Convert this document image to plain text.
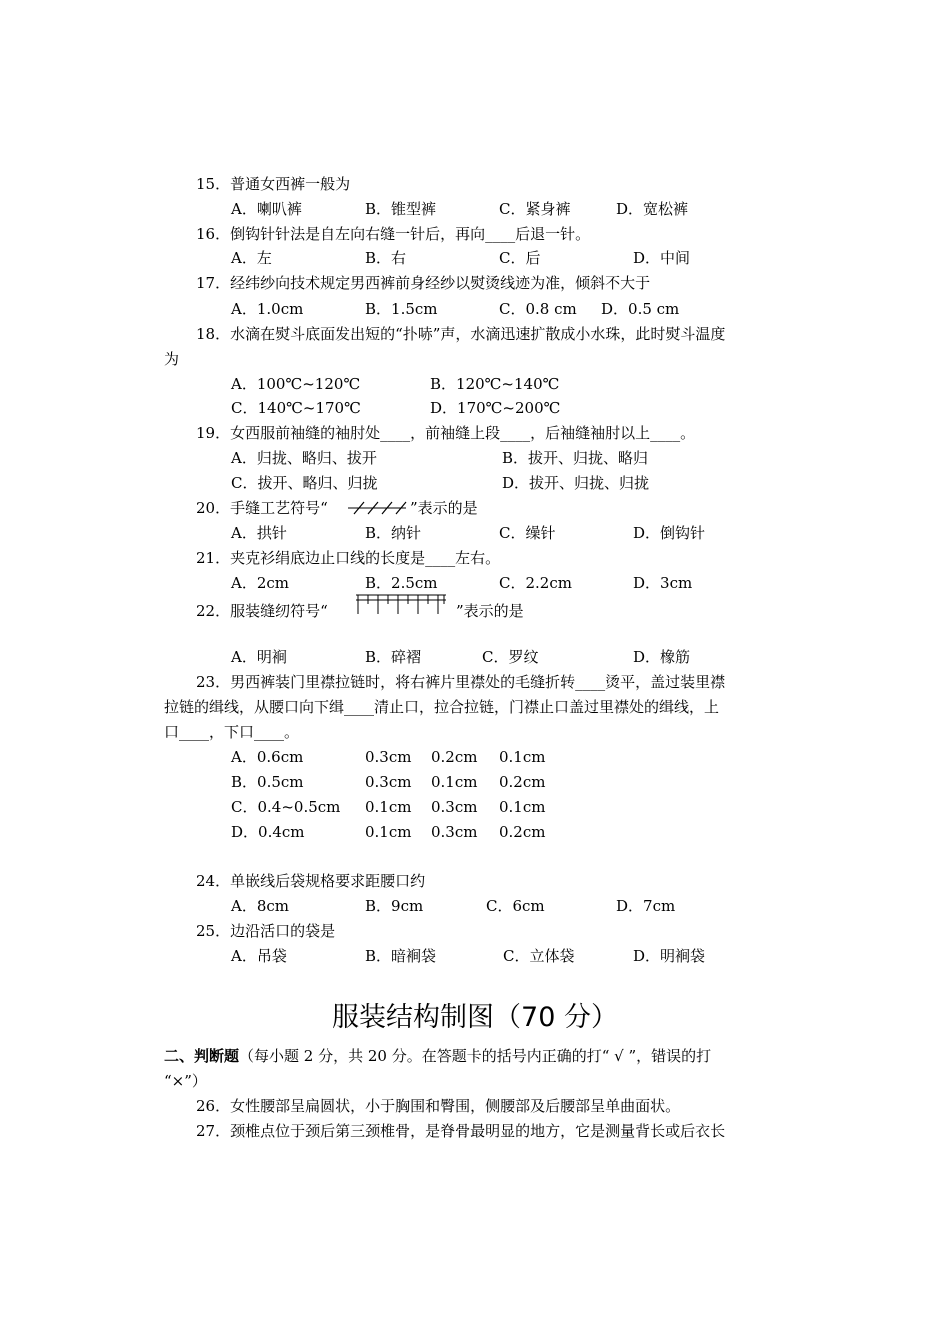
15．普通女西裤一般为
A．喇叭裤	B．锥型裤	C．紧身裤	D．宽松裤
16．倒钩针针法是自左向右缝一针后，再向____后退一针。
A．左	B．右	C．后	D．中间
17．经纬纱向技术规定男西裤前身经纱以熨烫线迹为准，倾斜不大于
A．1.0cm	B．1.5cm	C．0.8 cm D．0.5 cm
18．水滴在熨斗底面发出短的“扑哧”声，水滴迅速扩散成小水珠，此时熨斗温度
为
A．100℃~120℃	B．120℃~140℃
C．140℃~170℃	D．170℃~200℃
19．女西服前袖缝的袖肘处____，前袖缝上段____，后袖缝袖肘以上____。
A．归拢、略归、拔开	B．拔开、归拢、略归
C．拔开、略归、归拢	D．拔开、归拢、归拢
20．手缝工艺符号“	”表示的是
A．拱针	B．纳针	C．缲针	D．倒钩针
21．夹克衫绢底边止口线的长度是____左右。
A．2cm	B．2.5cm	C．2.2cm	D．3cm
22．服装缝纫符号“	”表示的是
A．明裥	B．碎褶	C．罗纹	D．橡筋
23．男西裤装门里襟拉链时，将右裤片里襟处的毛缝折转____烫平，盖过装里襟
拉链的缉线，从腰口向下缉____清止口，拉合拉链，门襟止口盖过里襟处的缉线，上
口____，下口____。
A．0.6cm	0.3cm 0.2cm 0.1cm
B．0.5cm	0.3cm 0.1cm 0.2cm
C．0.4~0.5cm 0.1cm 0.3cm 0.1cm
D．0.4cm	0.1cm 0.3cm 0.2cm
24．单嵌线后袋规格要求距腰口约
A．8cm	B．9cm	C．6cm	D．7cm
25．边沿活口的袋是
A．吊袋	B．暗裥袋	C．立体袋	D．明裥袋
服装结构制图（70 分）
二、判断题（每小题 2 分，共 20 分。在答题卡的括号内正确的打“ √ ”，错误的打
“×”）
26．女性腰部呈扁圆状，小于胸围和臀围，侧腰部及后腰部呈单曲面状。
27．颈椎点位于颈后第三颈椎骨，是脊骨最明显的地方，它是测量背长或后衣长
